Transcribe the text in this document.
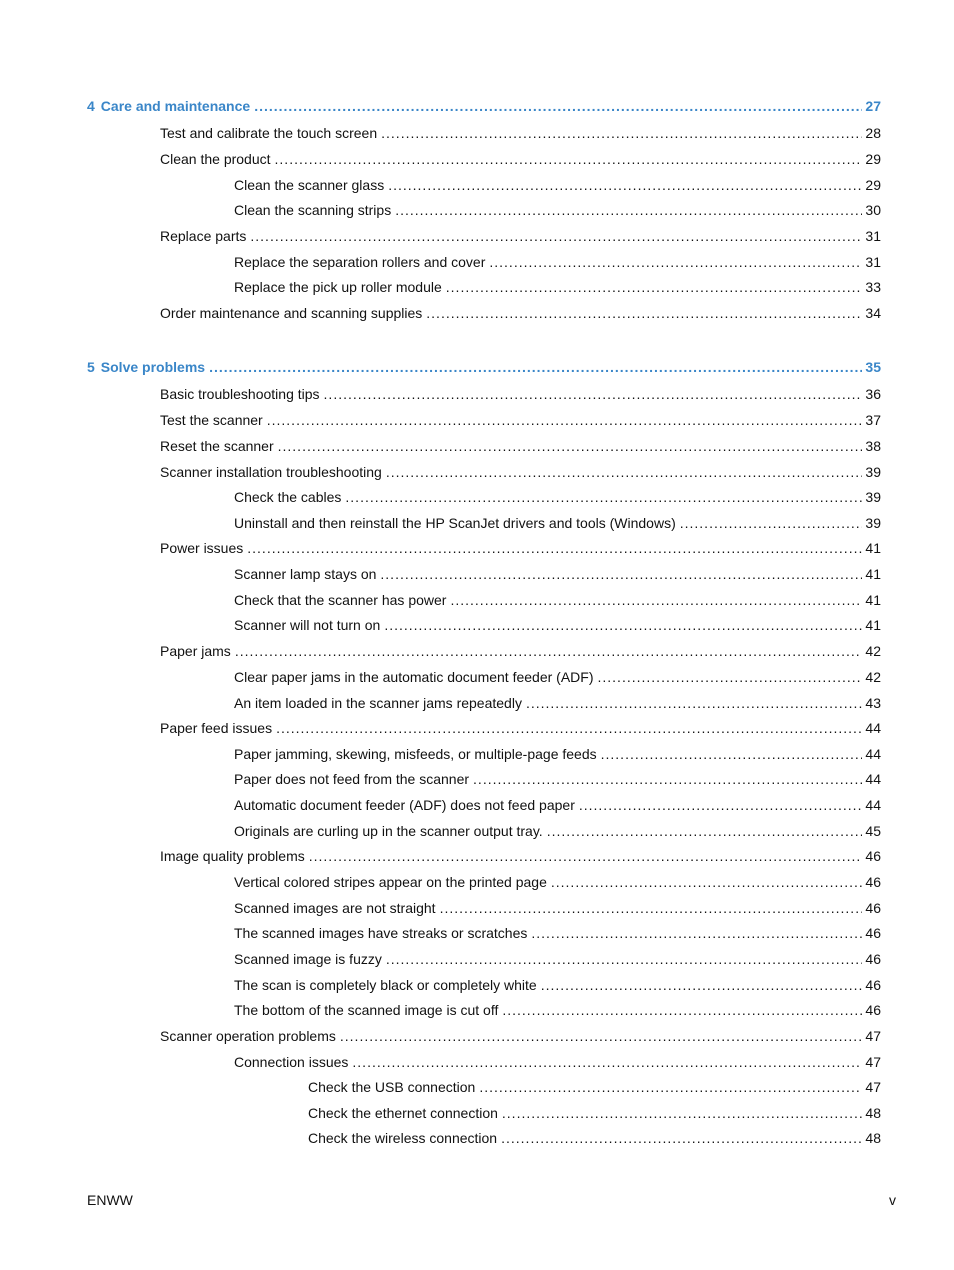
4 Care and maintenance .....	27
Test and calibrate the touch screen .....	28
Clean the product .....	29
Clean the scanner glass .....	29
Clean the scanning strips .....	30
Replace parts .....	31
Replace the separation rollers and cover .....	31
Replace the pick up roller module .....	33
Order maintenance and scanning supplies .....	34
5 Solve problems .....	35
Basic troubleshooting tips .....	36
Test the scanner .....	37
Reset the scanner .....	38
Scanner installation troubleshooting .....	39
Check the cables .....	39
Uninstall and then reinstall the HP ScanJet drivers and tools (Windows) .....	39
Power issues .....	41
Scanner lamp stays on .....	41
Check that the scanner has power .....	41
Scanner will not turn on .....	41
Paper jams .....	42
Clear paper jams in the automatic document feeder (ADF) .....	42
An item loaded in the scanner jams repeatedly .....	43
Paper feed issues .....	44
Paper jamming, skewing, misfeeds, or multiple-page feeds .....	44
Paper does not feed from the scanner .....	44
Automatic document feeder (ADF) does not feed paper .....	44
Originals are curling up in the scanner output tray. .....	45
Image quality problems .....	46
Vertical colored stripes appear on the printed page .....	46
Scanned images are not straight .....	46
The scanned images have streaks or scratches .....	46
Scanned image is fuzzy .....	46
The scan is completely black or completely white .....	46
The bottom of the scanned image is cut off .....	46
Scanner operation problems .....	47
Connection issues .....	47
Check the USB connection .....	47
Check the ethernet connection .....	48
Check the wireless connection .....	48
ENWW	v
